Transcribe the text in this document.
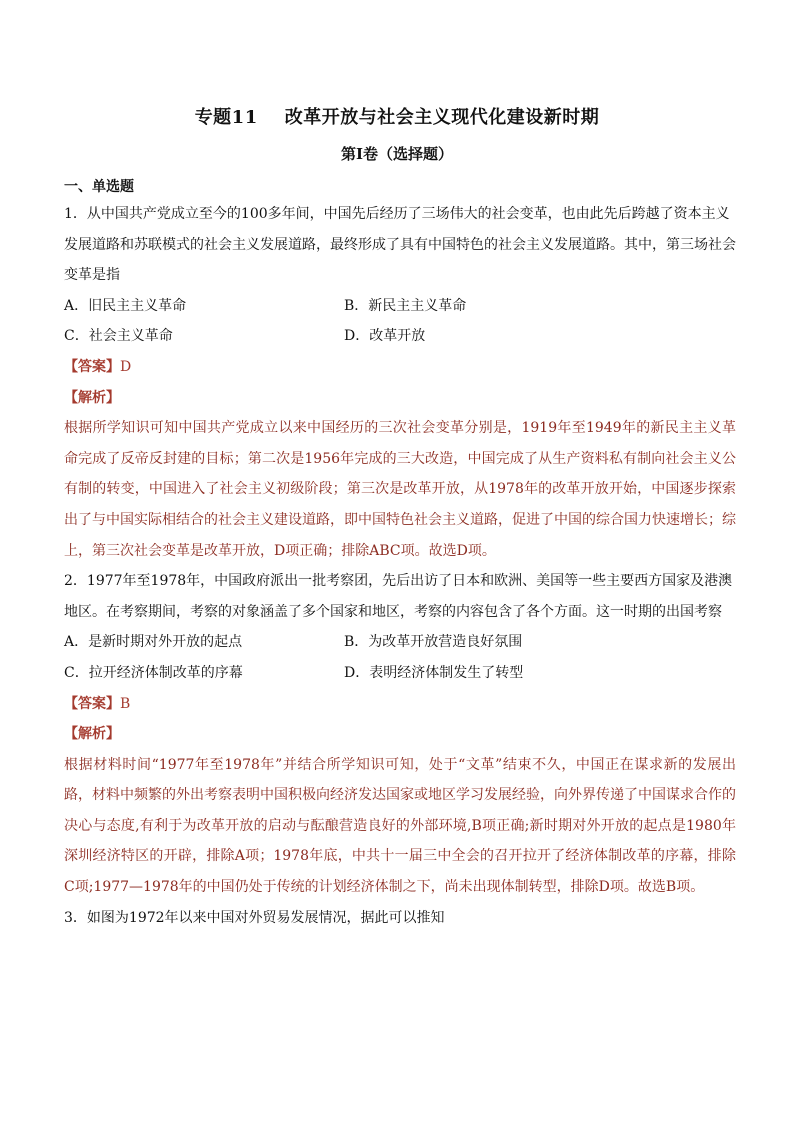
专题11    改革开放与社会主义现代化建设新时期
第I卷（选择题）
一、单选题

1．从中国共产党成立至今的100多年间，中国先后经历了三场伟大的社会变革，也由此先后跨越了资本主义发展道路和苏联模式的社会主义发展道路，最终形成了具有中国特色的社会主义发展道路。其中，第三场社会变革是指

A．旧民主主义革命	B．新民主主义革命
C．社会主义革命	D．改革开放

【答案】D

【解析】

根据所学知识可知中国共产党成立以来中国经历的三次社会变革分别是，1919年至1949年的新民主主义革命完成了反帝反封建的目标；第二次是1956年完成的三大改造，中国完成了从生产资料私有制向社会主义公有制的转变，中国进入了社会主义初级阶段；第三次是改革开放，从1978年的改革开放开始，中国逐步探索出了与中国实际相结合的社会主义建设道路，即中国特色社会主义道路，促进了中国的综合国力快速增长；综上，第三次社会变革是改革开放，D项正确；排除ABC项。故选D项。

2．1977年至1978年，中国政府派出一批考察团，先后出访了日本和欧洲、美国等一些主要西方国家及港澳地区。在考察期间，考察的对象涵盖了多个国家和地区，考察的内容包含了各个方面。这一时期的出国考察

A．是新时期对外开放的起点	B．为改革开放营造良好氛围
C．拉开经济体制改革的序幕	D．表明经济体制发生了转型

【答案】B

【解析】

根据材料时间“1977年至1978年”并结合所学知识可知，处于“文革”结束不久，中国正在谋求新的发展出路，材料中频繁的外出考察表明中国积极向经济发达国家或地区学习发展经验，向外界传递了中国谋求合作的决心与态度,有利于为改革开放的启动与酝酿营造良好的外部环境,B项正确;新时期对外开放的起点是1980年深圳经济特区的开辟，排除A项；1978年底，中共十一届三中全会的召开拉开了经济体制改革的序幕，排除C项;1977—1978年的中国仍处于传统的计划经济体制之下，尚未出现体制转型，排除D项。故选B项。

3．如图为1972年以来中国对外贸易发展情况，据此可以推知
